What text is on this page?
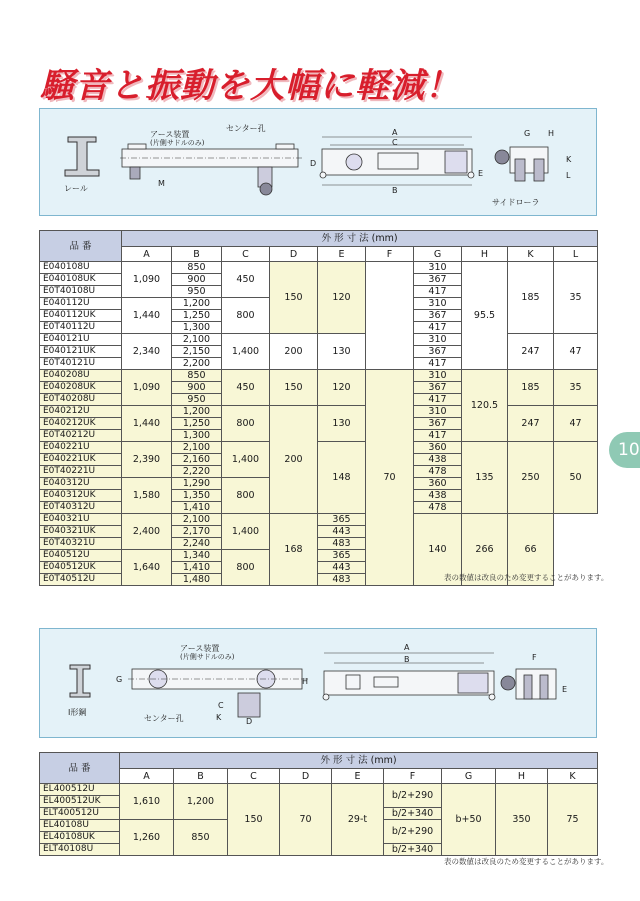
騒音と振動を大幅に軽減！
10
レール
アース装置
(片側サドルのみ)
センター孔
サイドローラ
A
C
B
M
E
D
G H
K
L
品 番	外 形 寸 法 (mm)									
	A	B	C	D	E	F	G	H	K	L
E040108U	1,090	850	450	150	120		310	95.5	185	35
E040108UK		900					367			
E0T40108U		950					417			
E040112U	1,440	1,200	800				310			
E040112UK		1,250					367			
E0T40112U		1,300					417			
E040121U	2,340	2,100	1,400	200	130		310		247	47
E040121UK		2,150					367			
E0T40121U		2,200					417			
E040208U	1,090	850	450	150	120	70	310	120.5	185	35
E040208UK		900					367			
E0T40208U		950					417			
E040212U	1,440	1,200	800	200	130		310		247	47
E040212UK		1,250					367			
E0T40212U		1,300					417			
E040221U	2,390	2,100	1,400		148		360	135	250	50
E040221UK		2,160					438			
E0T40221U		2,220					478			
E040312U	1,580	1,290	800				360			
E040312UK		1,350					438			
E0T40312U		1,410					478			
E040321U	2,400	2,100	1,400	168	365		140	266	66	
E040321UK		2,170			443					
E0T40321U		2,240			483					
E040512U	1,640	1,340	800		365					
E040512UK		1,410			443					
E0T40512U		1,480			483						表の数値は改良のため変更することがあります。
I形鋼
アース装置
(片側サドルのみ)
センター孔
A
B
C
D
E
F
G	H
K
品 番	外 形 寸 法 (mm)								
	A	B	C	D	E	F	G	H	K
EL400512U	1,610	1,200	150	70	29-t	b/2+290	b+50	350	75
EL400512UK									
ELT400512U						b/2+340			
EL40108U	1,260	850				b/2+290			
EL40108UK									
ELT40108U						b/2+340			
表の数値は改良のため変更することがあります。
